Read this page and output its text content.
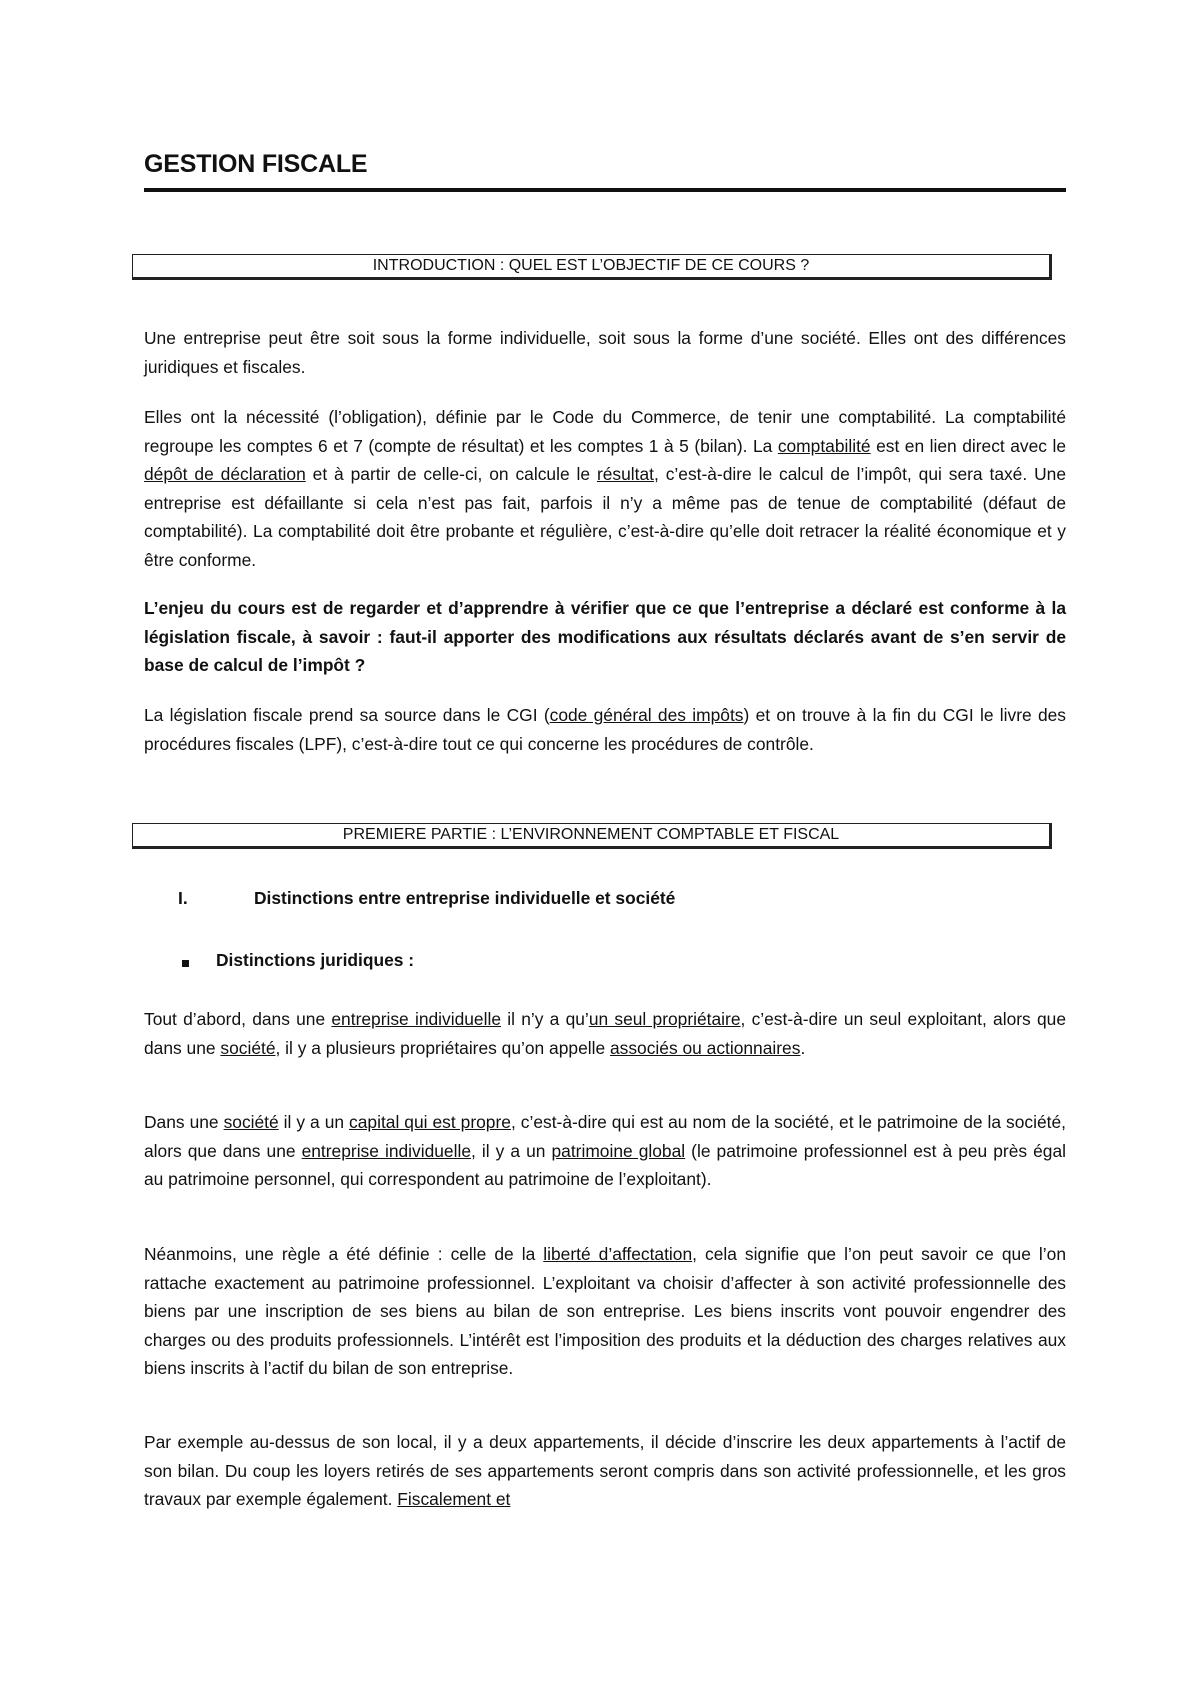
GESTION FISCALE
INTRODUCTION : QUEL EST L’OBJECTIF DE CE COURS ?

Une entreprise peut être soit sous la forme individuelle, soit sous la forme d’une société. Elles ont des différences juridiques et fiscales.

Elles ont la nécessité (l’obligation), définie par le Code du Commerce, de tenir une comptabilité. La comptabilité regroupe les comptes 6 et 7 (compte de résultat) et les comptes 1 à 5 (bilan). La comptabilité est en lien direct avec le dépôt de déclaration et à partir de celle-ci, on calcule le résultat, c’est-à-dire le calcul de l’impôt, qui sera taxé. Une entreprise est défaillante si cela n’est pas fait, parfois il n’y a même pas de tenue de comptabilité (défaut de comptabilité). La comptabilité doit être probante et régulière, c’est-à-dire qu’elle doit retracer la réalité économique et y être conforme.

L’enjeu du cours est de regarder et d’apprendre à vérifier que ce que l’entreprise a déclaré est conforme à la législation fiscale, à savoir : faut-il apporter des modifications aux résultats déclarés avant de s’en servir de base de calcul de l’impôt ?

La législation fiscale prend sa source dans le CGI (code général des impôts) et on trouve à la fin du CGI le livre des procédures fiscales (LPF), c’est-à-dire tout ce qui concerne les procédures de contrôle.

PREMIERE PARTIE : L’ENVIRONNEMENT COMPTABLE ET FISCAL
I.	Distinctions entre entreprise individuelle et société
Distinctions juridiques :

Tout d’abord, dans une entreprise individuelle il n’y a qu’un seul propriétaire, c’est-à-dire un seul exploitant, alors que dans une société, il y a plusieurs propriétaires qu’on appelle associés ou actionnaires.

Dans une société il y a un capital qui est propre, c’est-à-dire qui est au nom de la société, et le patrimoine de la société, alors que dans une entreprise individuelle, il y a un patrimoine global (le patrimoine professionnel est à peu près égal au patrimoine personnel, qui correspondent au patrimoine de l’exploitant).

Néanmoins, une règle a été définie : celle de la liberté d’affectation, cela signifie que l’on peut savoir ce que l’on rattache exactement au patrimoine professionnel. L’exploitant va choisir d’affecter à son activité professionnelle des biens par une inscription de ses biens au bilan de son entreprise. Les biens inscrits vont pouvoir engendrer des charges ou des produits professionnels. L’intérêt est l’imposition des produits et la déduction des charges relatives aux biens inscrits à l’actif du bilan de son entreprise.

Par exemple au-dessus de son local, il y a deux appartements, il décide d’inscrire les deux appartements à l’actif de son bilan. Du coup les loyers retirés de ses appartements seront compris dans son activité professionnelle, et les gros travaux par exemple également. Fiscalement et
